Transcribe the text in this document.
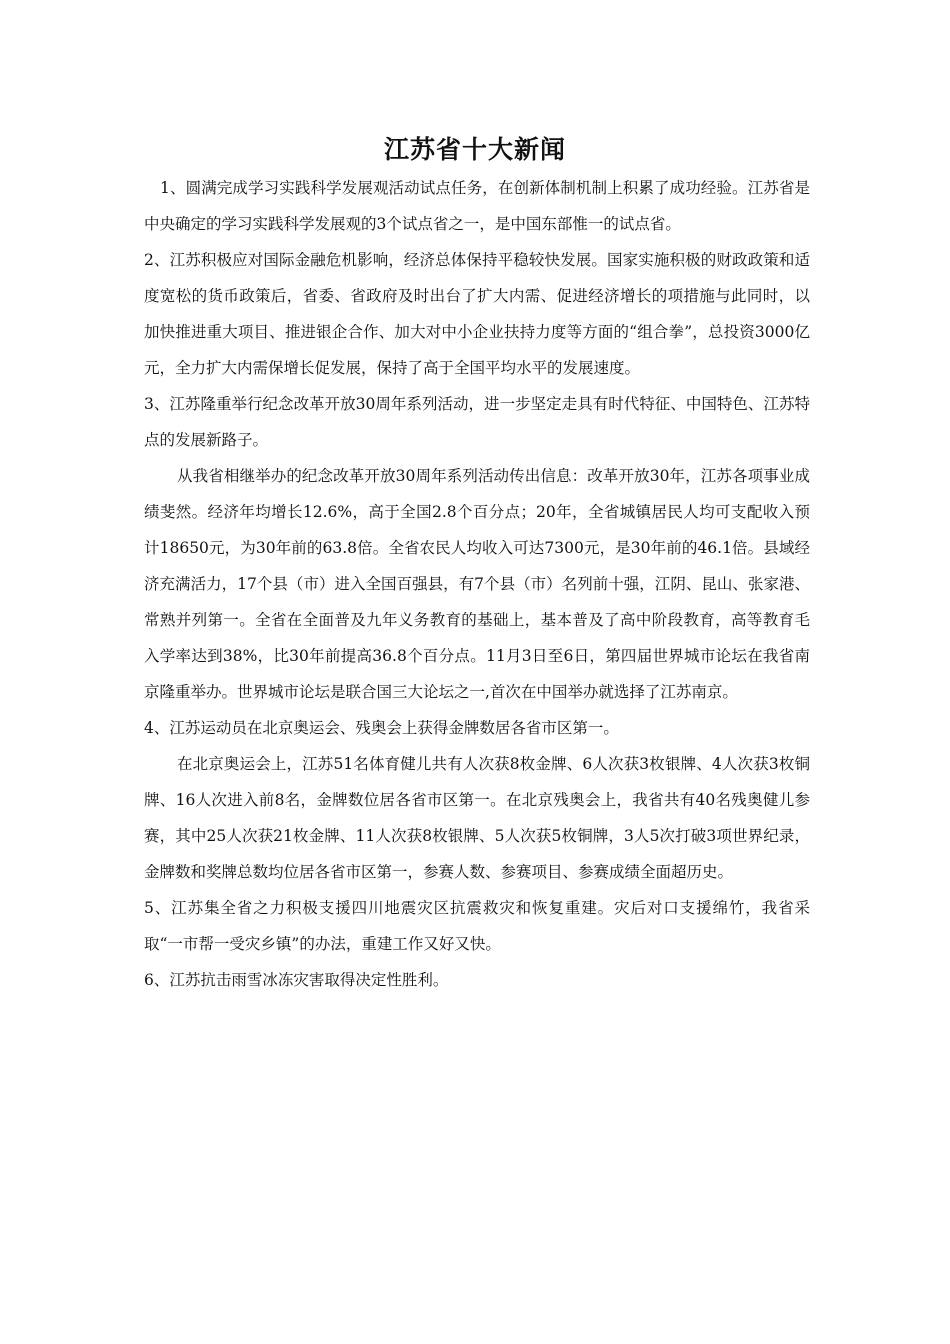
江苏省十大新闻

1、圆满完成学习实践科学发展观活动试点任务，在创新体制机制上积累了成功经验。江苏省是中央确定的学习实践科学发展观的3个试点省之一，是中国东部惟一的试点省。

2、江苏积极应对国际金融危机影响，经济总体保持平稳较快发展。国家实施积极的财政政策和适度宽松的货币政策后，省委、省政府及时出台了扩大内需、促进经济增长的项措施与此同时，以加快推进重大项目、推进银企合作、加大对中小企业扶持力度等方面的“组合拳”，总投资3000亿元，全力扩大内需保增长促发展，保持了高于全国平均水平的发展速度。

3、江苏隆重举行纪念改革开放30周年系列活动，进一步坚定走具有时代特征、中国特色、江苏特点的发展新路子。

从我省相继举办的纪念改革开放30周年系列活动传出信息：改革开放30年，江苏各项事业成绩斐然。经济年均增长12.6%，高于全国2.8个百分点；20年，全省城镇居民人均可支配收入预计18650元，为30年前的63.8倍。全省农民人均收入可达7300元，是30年前的46.1倍。县域经济充满活力，17个县（市）进入全国百强县，有7个县（市）名列前十强，江阴、昆山、张家港、常熟并列第一。全省在全面普及九年义务教育的基础上，基本普及了高中阶段教育，高等教育毛入学率达到38%，比30年前提高36.8个百分点。11月3日至6日，第四届世界城市论坛在我省南京隆重举办。世界城市论坛是联合国三大论坛之一,首次在中国举办就选择了江苏南京。

4、江苏运动员在北京奥运会、残奥会上获得金牌数居各省市区第一。

在北京奥运会上，江苏51名体育健儿共有人次获8枚金牌、6人次获3枚银牌、4人次获3枚铜牌、16人次进入前8名，金牌数位居各省市区第一。在北京残奥会上，我省共有40名残奥健儿参赛，其中25人次获21枚金牌、11人次获8枚银牌、5人次获5枚铜牌，3人5次打破3项世界纪录，金牌数和奖牌总数均位居各省市区第一，参赛人数、参赛项目、参赛成绩全面超历史。

5、江苏集全省之力积极支援四川地震灾区抗震救灾和恢复重建。灾后对口支援绵竹，我省采取“一市帮一受灾乡镇”的办法，重建工作又好又快。

6、江苏抗击雨雪冰冻灾害取得决定性胜利。
